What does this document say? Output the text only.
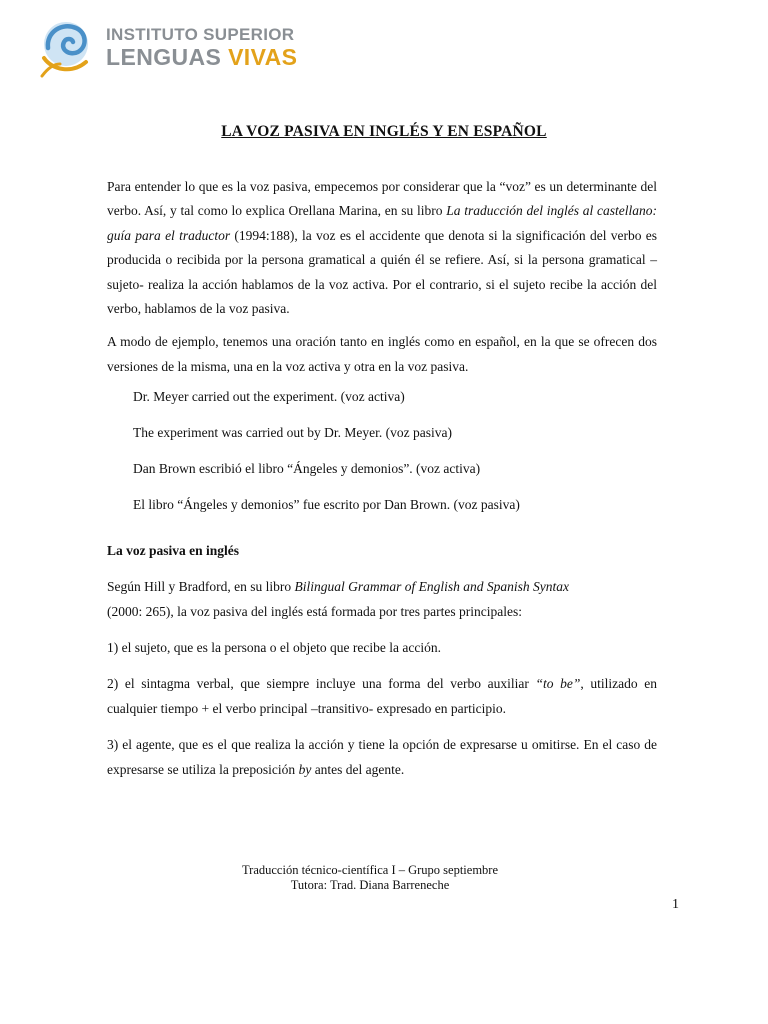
INSTITUTO SUPERIOR
LENGUAS VIVAS
LA VOZ PASIVA EN INGLÉS Y EN ESPAÑOL

Para entender lo que es la voz pasiva, empecemos por considerar que la “voz” es un determinante del verbo. Así, y tal como lo explica Orellana Marina, en su libro La traducción del inglés al castellano: guía para el traductor (1994:188), la voz es el accidente que denota si la significación del verbo es producida o recibida por la persona gramatical a quién él se refiere. Así, si la persona gramatical –sujeto- realiza la acción hablamos de la voz activa. Por el contrario, si el sujeto recibe la acción del verbo, hablamos de la voz pasiva.

A modo de ejemplo, tenemos una oración tanto en inglés como en español, en la que se ofrecen dos versiones de la misma, una en la voz activa y otra en la voz pasiva.

Dr. Meyer carried out the experiment. (voz activa)

The experiment was carried out by Dr. Meyer. (voz pasiva)

Dan Brown escribió el libro “Ángeles y demonios”. (voz activa)

El libro “Ángeles y demonios” fue escrito por Dan Brown. (voz pasiva)

La voz pasiva en inglés

Según Hill y Bradford, en su libro Bilingual Grammar of English and Spanish Syntax
(2000: 265), la voz pasiva del inglés está formada por tres partes principales:

1) el sujeto, que es la persona o el objeto que recibe la acción.

2) el sintagma verbal, que siempre incluye una forma del verbo auxiliar “to be”, utilizado en cualquier tiempo + el verbo principal –transitivo- expresado en participio.

3) el agente, que es el que realiza la acción y tiene la opción de expresarse u omitirse. En el caso de expresarse se utiliza la preposición by antes del agente.

Traducción técnico-científica I – Grupo septiembre
Tutora: Trad. Diana Barreneche
1
